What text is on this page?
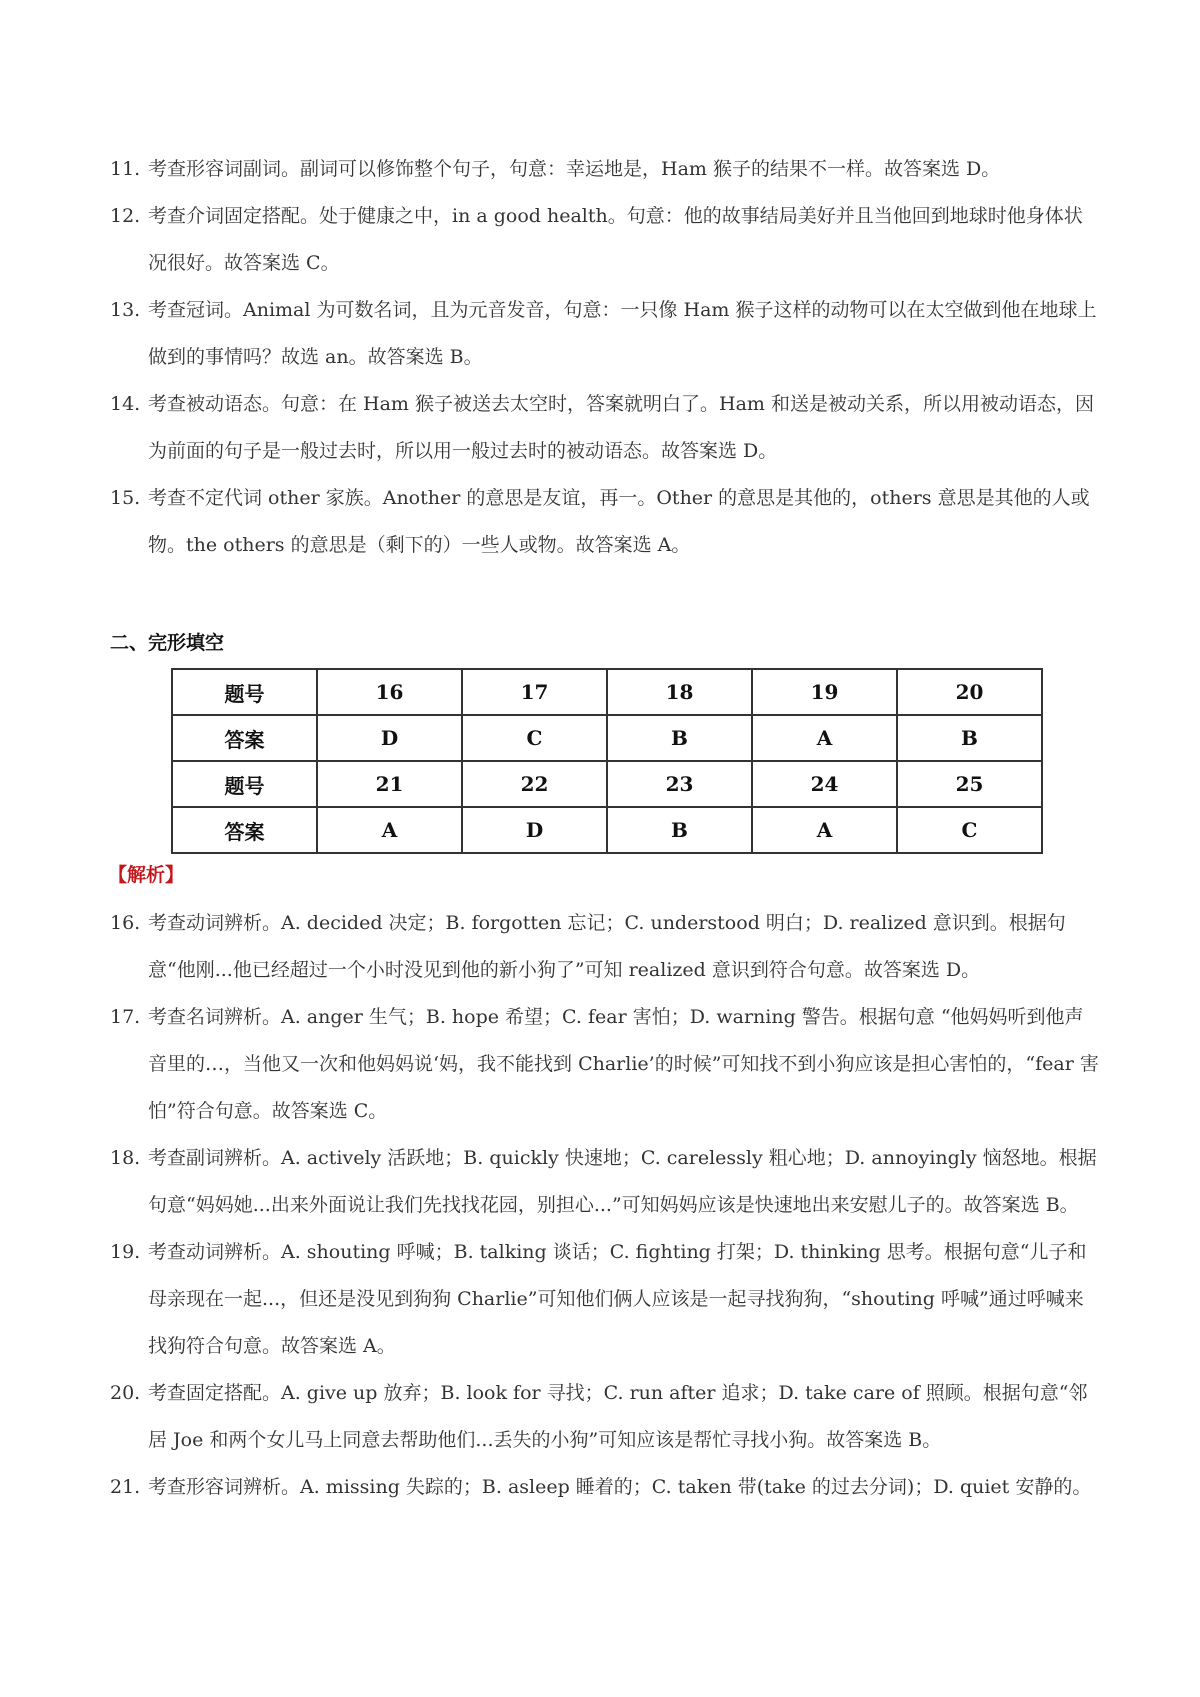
11. 考查形容词副词。副词可以修饰整个句子，句意：幸运地是，Ham 猴子的结果不一样。故答案选 D。
12. 考查介词固定搭配。处于健康之中，in a good health。句意：他的故事结局美好并且当他回到地球时他身体状况很好。故答案选 C。
13. 考查冠词。Animal 为可数名词，且为元音发音，句意：一只像 Ham 猴子这样的动物可以在太空做到他在地球上做到的事情吗？故选 an。故答案选 B。
14. 考查被动语态。句意：在 Ham 猴子被送去太空时，答案就明白了。Ham 和送是被动关系，所以用被动语态，因为前面的句子是一般过去时，所以用一般过去时的被动语态。故答案选 D。
15. 考查不定代词 other 家族。Another 的意思是友谊，再一。Other 的意思是其他的，others 意思是其他的人或物。the others 的意思是（剩下的）一些人或物。故答案选 A。
二、完形填空
题号	16	17	18	19	20
答案	D	C	B	A	B
题号	21	22	23	24	25
答案	A	D	B	A	C
【解析】
16. 考查动词辨析。A. decided 决定；B. forgotten 忘记；C. understood 明白；D. realized 意识到。根据句意“他刚...他已经超过一个小时没见到他的新小狗了”可知 realized 意识到符合句意。故答案选 D。
17. 考查名词辨析。A. anger 生气；B. hope 希望；C. fear 害怕；D. warning 警告。根据句意 “他妈妈听到他声音里的…，当他又一次和他妈妈说‘妈，我不能找到 Charlie’的时候”可知找不到小狗应该是担心害怕的，“fear 害怕”符合句意。故答案选 C。
18. 考查副词辨析。A. actively 活跃地；B. quickly 快速地；C. carelessly 粗心地；D. annoyingly 恼怒地。根据句意“妈妈她...出来外面说让我们先找找花园，别担心...”可知妈妈应该是快速地出来安慰儿子的。故答案选 B。
19. 考查动词辨析。A. shouting 呼喊；B. talking 谈话；C. fighting 打架；D. thinking 思考。根据句意“儿子和母亲现在一起...，但还是没见到狗狗 Charlie”可知他们俩人应该是一起寻找狗狗，“shouting 呼喊”通过呼喊来找狗符合句意。故答案选 A。
20. 考查固定搭配。A. give up 放弃；B. look for 寻找；C. run after 追求；D. take care of 照顾。根据句意“邻居 Joe 和两个女儿马上同意去帮助他们...丢失的小狗”可知应该是帮忙寻找小狗。故答案选 B。
21. 考查形容词辨析。A. missing 失踪的；B. asleep 睡着的；C. taken 带(take 的过去分词)；D. quiet 安静的。
